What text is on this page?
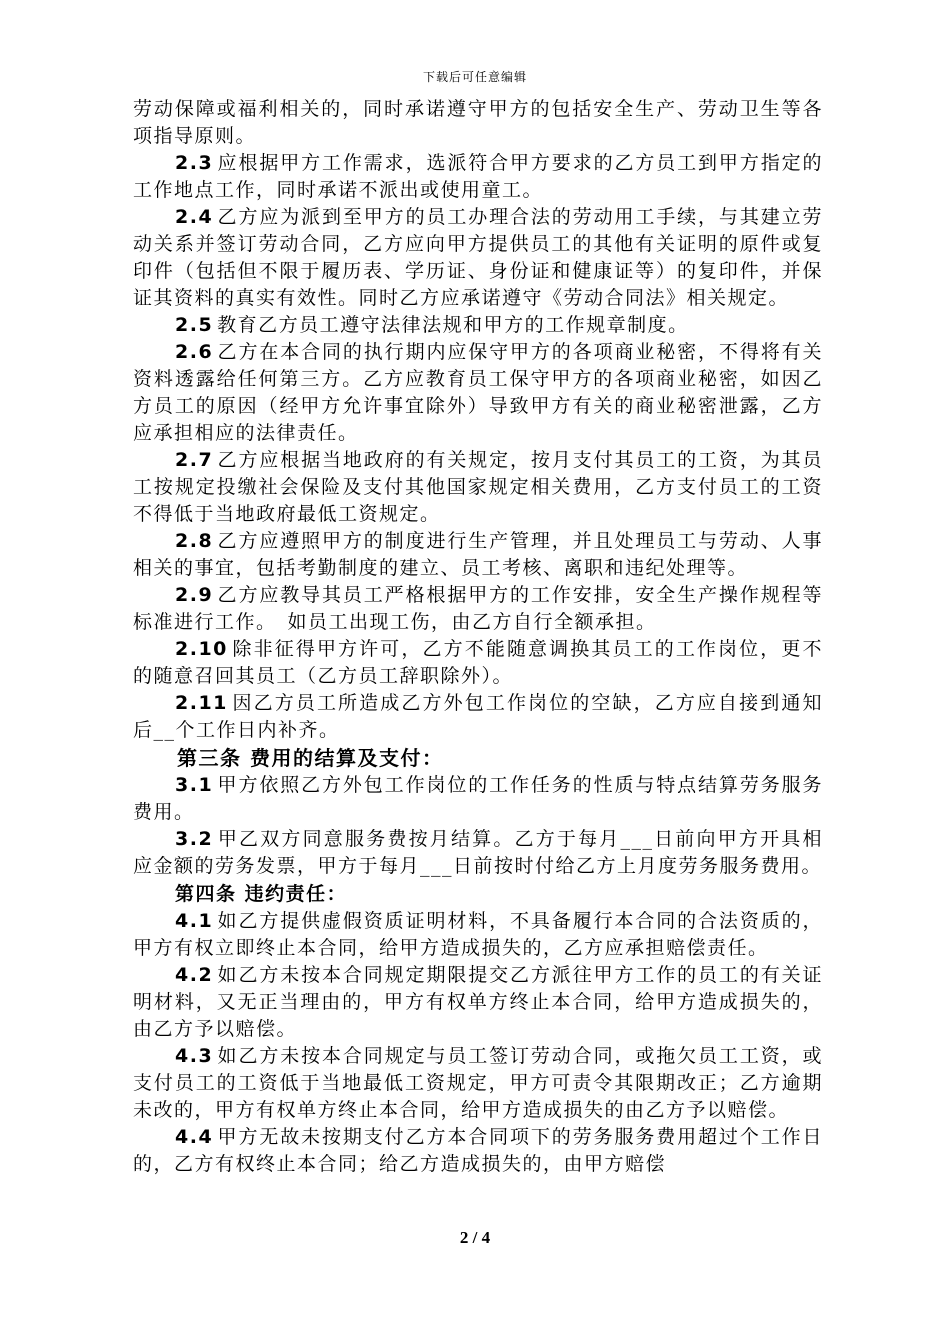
下载后可任意编辑

劳动保障或福利相关的，同时承诺遵守甲方的包括安全生产、劳动卫生等各项指导原则。

2.3 应根据甲方工作需求，选派符合甲方要求的乙方员工到甲方指定的工作地点工作，同时承诺不派出或使用童工。

2.4 乙方应为派到至甲方的员工办理合法的劳动用工手续，与其建立劳动关系并签订劳动合同，乙方应向甲方提供员工的其他有关证明的原件或复印件（包括但不限于履历表、学历证、身份证和健康证等）的复印件，并保证其资料的真实有效性。同时乙方应承诺遵守《劳动合同法》相关规定。

2.5 教育乙方员工遵守法律法规和甲方的工作规章制度。

2.6 乙方在本合同的执行期内应保守甲方的各项商业秘密，不得将有关资料透露给任何第三方。乙方应教育员工保守甲方的各项商业秘密，如因乙方员工的原因（经甲方允许事宜除外）导致甲方有关的商业秘密泄露，乙方应承担相应的法律责任。

2.7 乙方应根据当地政府的有关规定，按月支付其员工的工资，为其员工按规定投缴社会保险及支付其他国家规定相关费用，乙方支付员工的工资不得低于当地政府最低工资规定。

2.8 乙方应遵照甲方的制度进行生产管理，并且处理员工与劳动、人事相关的事宜，包括考勤制度的建立、员工考核、离职和违纪处理等。

2.9 乙方应教导其员工严格根据甲方的工作安排，安全生产操作规程等标准进行工作。　如员工出现工伤，由乙方自行全额承担。

2.10 除非征得甲方许可，乙方不能随意调换其员工的工作岗位，更不的随意召回其员工（乙方员工辞职除外）。

2.11 因乙方员工所造成乙方外包工作岗位的空缺，乙方应自接到通知后__个工作日内补齐。

第三条 费用的结算及支付：

3.1 甲方依照乙方外包工作岗位的工作任务的性质与特点结算劳务服务费用。

3.2 甲乙双方同意服务费按月结算。乙方于每月___日前向甲方开具相应金额的劳务发票，甲方于每月___日前按时付给乙方上月度劳务服务费用。

第四条 违约责任：

4.1 如乙方提供虚假资质证明材料，不具备履行本合同的合法资质的，甲方有权立即终止本合同，给甲方造成损失的，乙方应承担赔偿责任。

4.2 如乙方未按本合同规定期限提交乙方派往甲方工作的员工的有关证明材料，又无正当理由的，甲方有权单方终止本合同，给甲方造成损失的，由乙方予以赔偿。

4.3 如乙方未按本合同规定与员工签订劳动合同，或拖欠员工工资，或支付员工的工资低于当地最低工资规定，甲方可责令其限期改正；乙方逾期未改的，甲方有权单方终止本合同，给甲方造成损失的由乙方予以赔偿。

4.4 甲方无故未按期支付乙方本合同项下的劳务服务费用超过个工作日的，乙方有权终止本合同；给乙方造成损失的，由甲方赔偿

2 / 4
